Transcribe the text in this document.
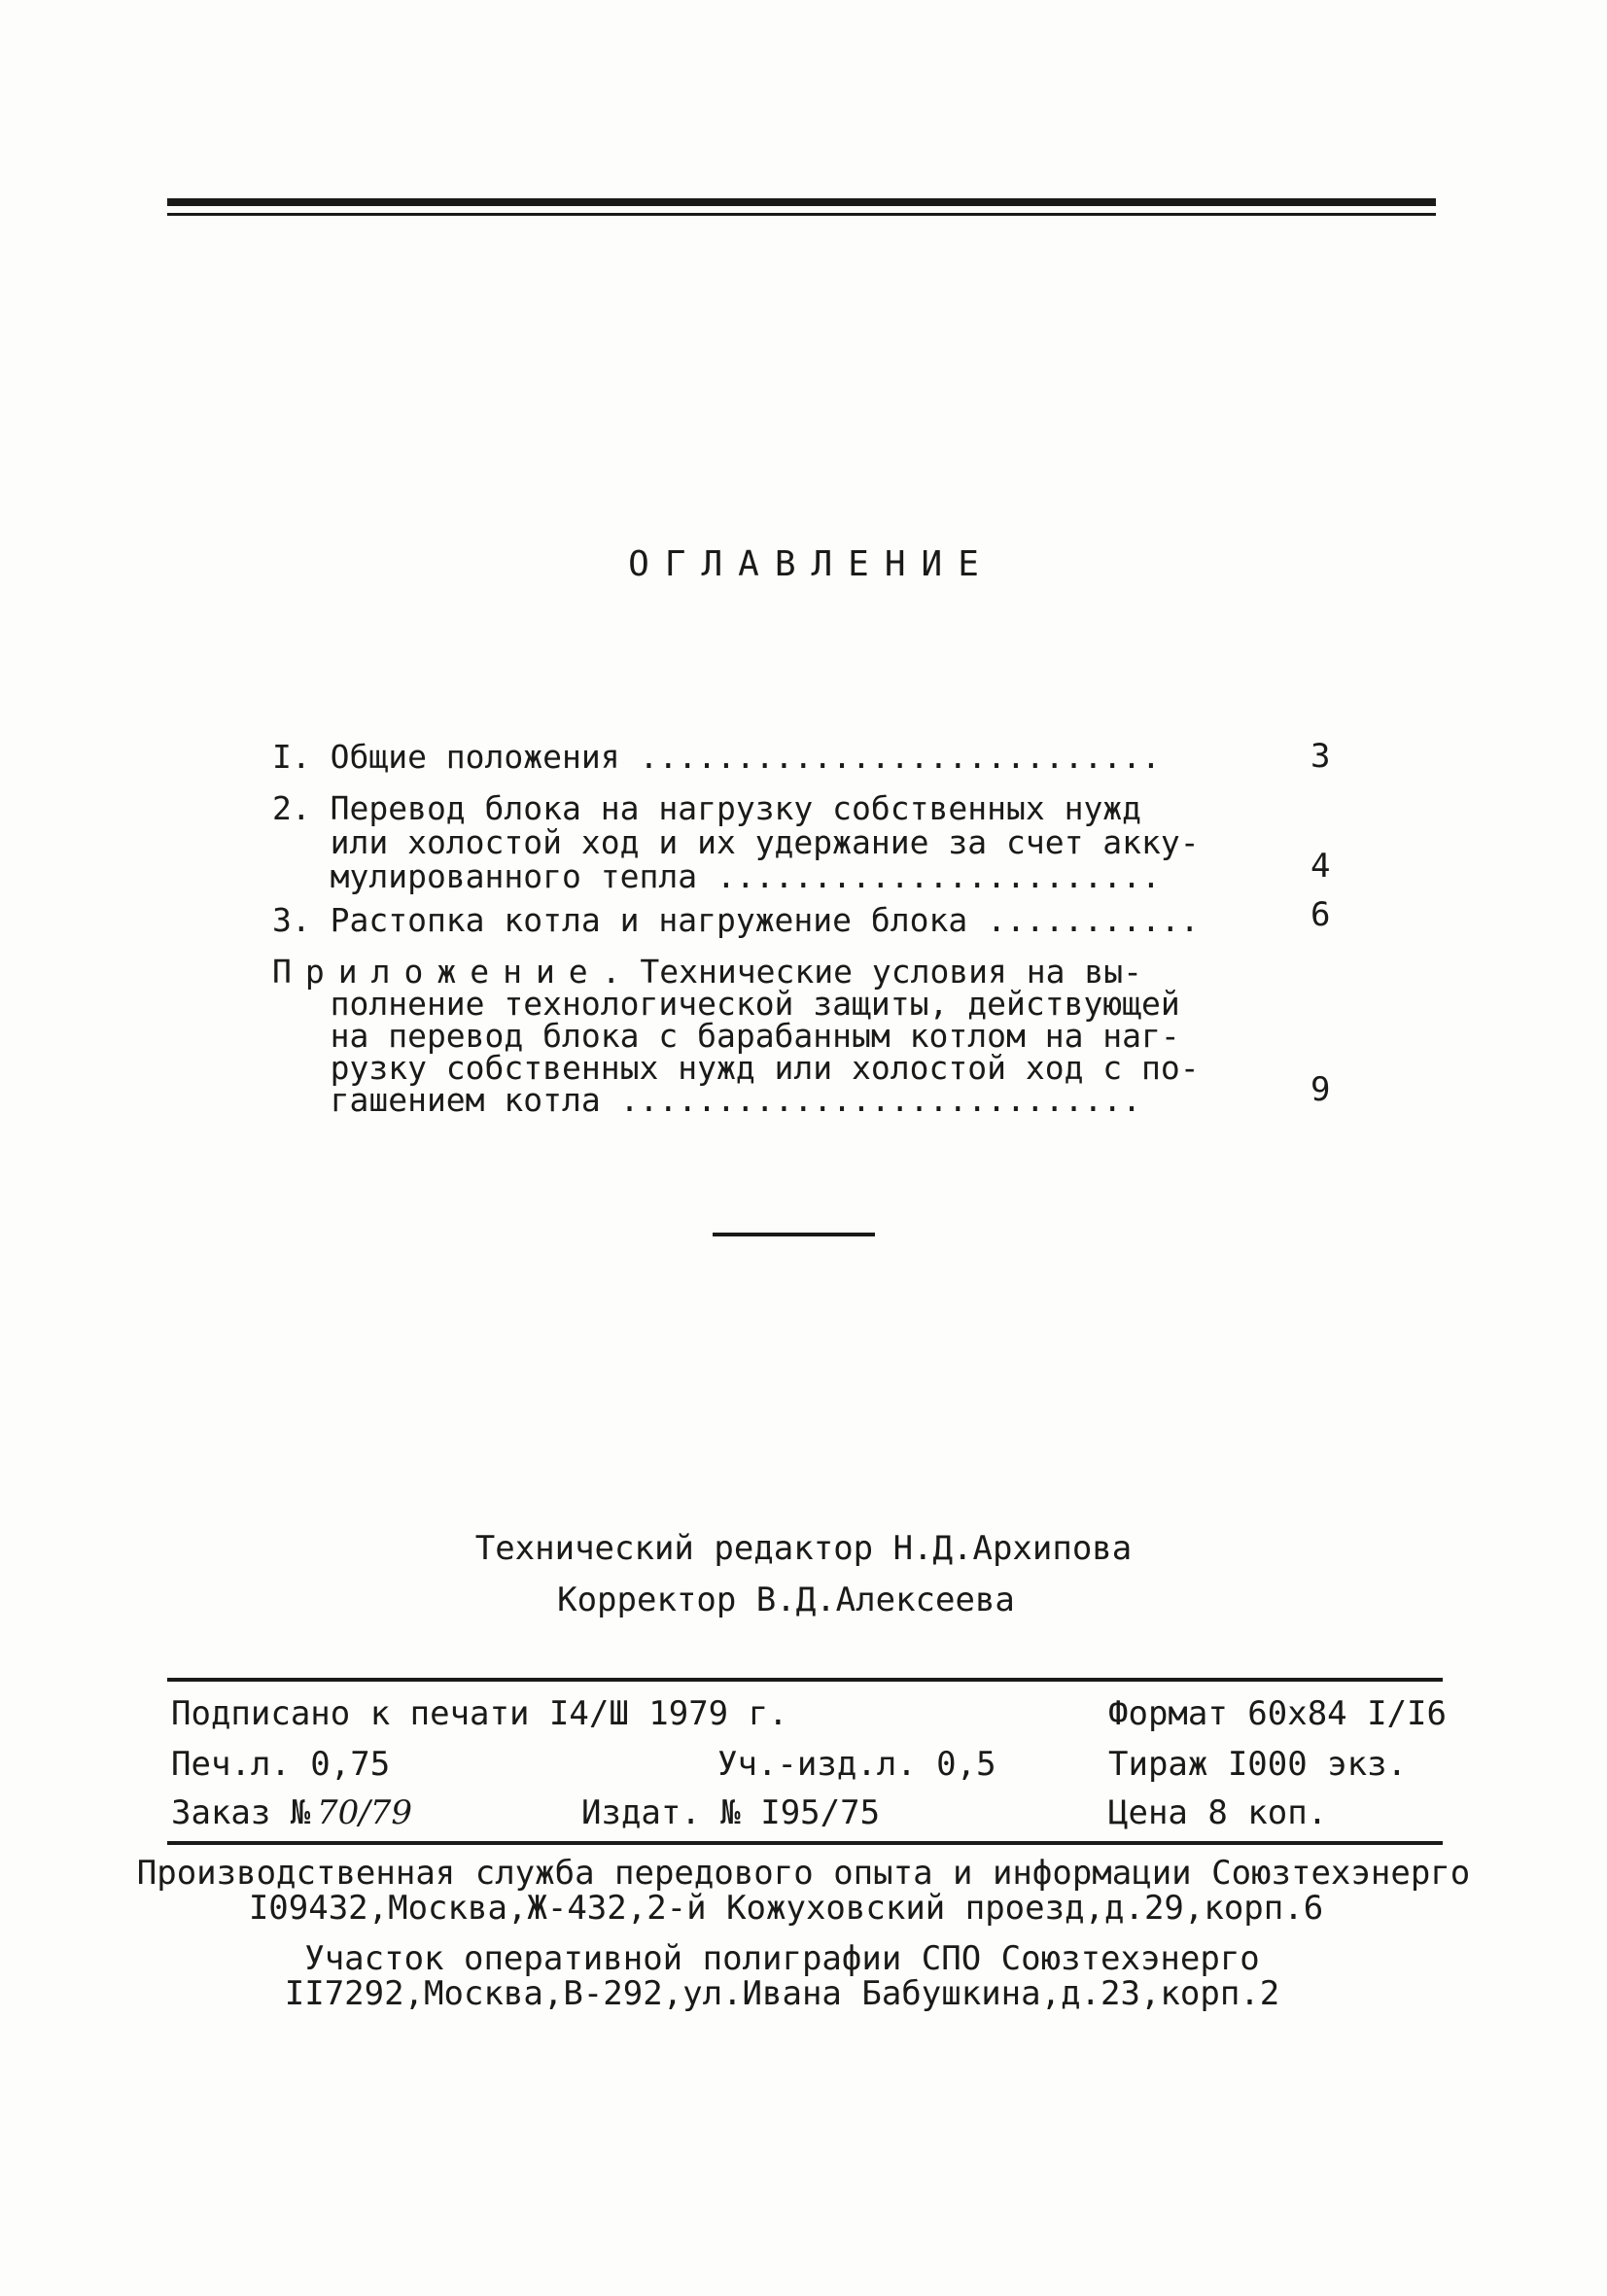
ОГЛАВЛЕНИЕ
I. Общие положения ...........................	3
2. Перевод блока на нагрузку собственных нужд
или холостой ход и их удержание за счет акку-
мулированного тепла .......................	4
3. Растопка котла и нагружение блока ...........	6
Приложение. Технические условия на вы-
полнение технологической защиты, действующей
на перевод блока с барабанным котлом на наг-
рузку собственных нужд или холостой ход с по-
гашением котла ...........................	9
Технический редактор Н.Д.Архипова
Корректор В.Д.Алексеева
Подписано к печати I4/Ш 1979 г.	Формат 60x84 I/I6
Печ.л. 0,75	Уч.-изд.л. 0,5	Тираж I000 экз.
Заказ № 70/79	Издат. № I95/75	Цена 8 коп.
Производственная служба передового опыта и информации Союзтехэнерго
I09432,Москва,Ж-432,2-й Кожуховский проезд,д.29,корп.6
Участок оперативной полиграфии СПО Союзтехэнерго
II7292,Москва,В-292,ул.Ивана Бабушкина,д.23,корп.2
